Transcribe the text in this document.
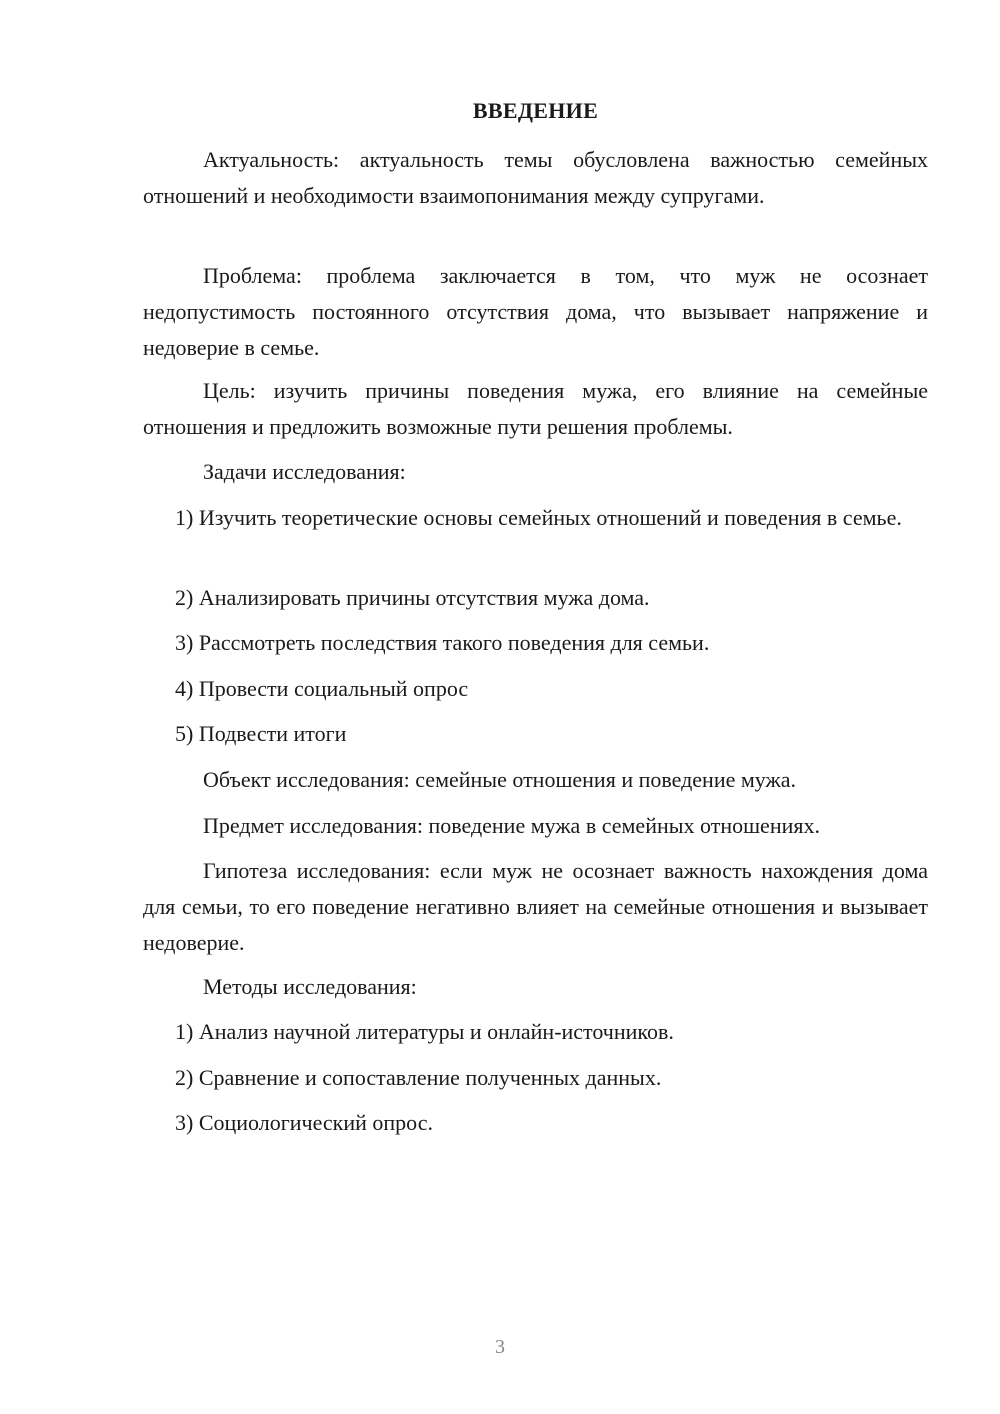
ВВЕДЕНИЕ

Актуальность: актуальность темы обусловлена важностью семейных отношений и необходимости взаимопонимания между супругами.

Проблема: проблема заключается в том, что муж не осознает недопустимость постоянного отсутствия дома, что вызывает напряжение и недоверие в семье.

Цель: изучить причины поведения мужа, его влияние на семейные отношения и предложить возможные пути решения проблемы.

Задачи исследования:

1) Изучить теоретические основы семейных отношений и поведения в семье.

2) Анализировать причины отсутствия мужа дома.

3) Рассмотреть последствия такого поведения для семьи.

4) Провести социальный опрос

5) Подвести итоги

Объект исследования: семейные отношения и поведение мужа.

Предмет исследования: поведение мужа в семейных отношениях.

Гипотеза исследования: если муж не осознает важность нахождения дома для семьи, то его поведение негативно влияет на семейные отношения и вызывает недоверие.

Методы исследования:

1) Анализ научной литературы и онлайн-источников.

2) Сравнение и сопоставление полученных данных.

3) Социологический опрос.

3
